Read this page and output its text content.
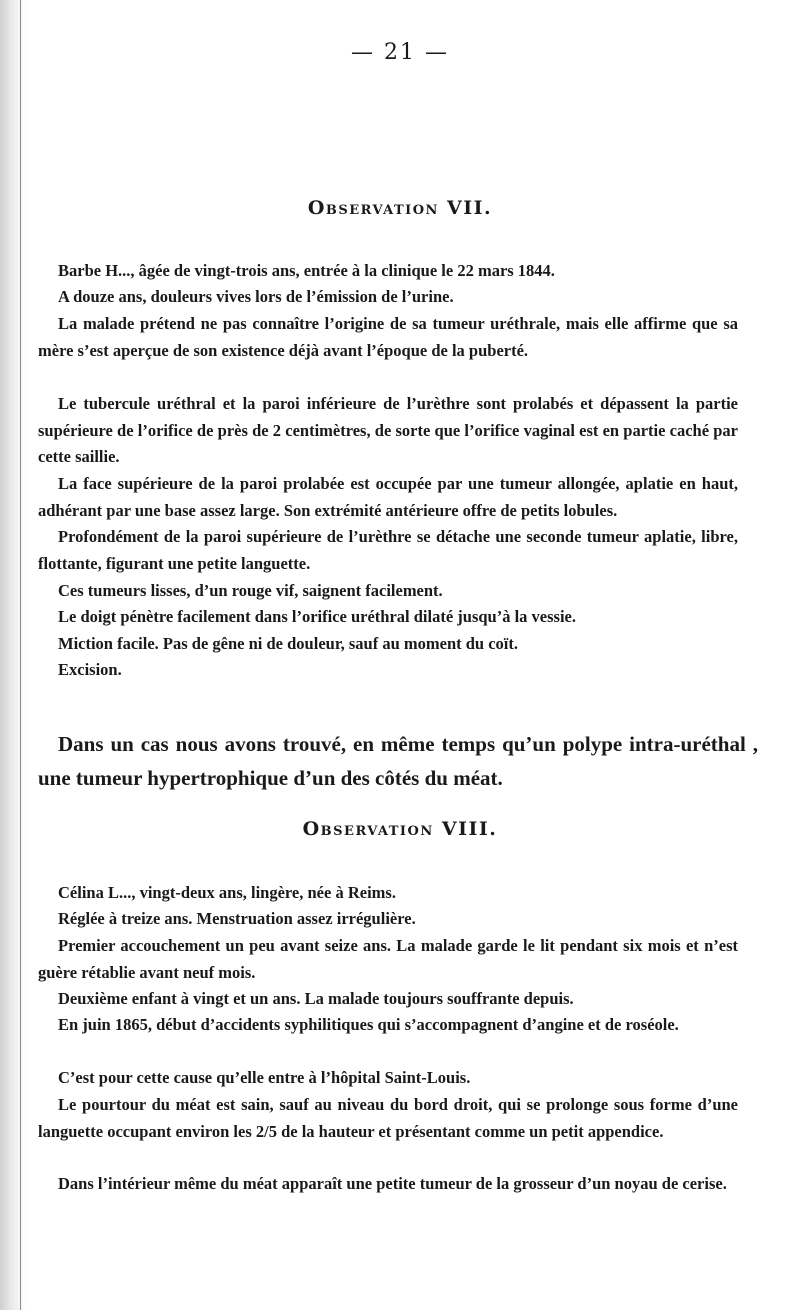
— 21 —
Observation VII.

Barbe H..., âgée de vingt-trois ans, entrée à la clinique le 22 mars 1844.

A douze ans, douleurs vives lors de l’émission de l’urine.

La malade prétend ne pas connaître l’origine de sa tumeur uréthrale, mais elle affirme que sa mère s’est aperçue de son existence déjà avant l’époque de la puberté.

Le tubercule uréthral et la paroi inférieure de l’urèthre sont prolabés et dépassent la partie supérieure de l’orifice de près de 2 centimètres, de sorte que l’orifice vaginal est en partie caché par cette saillie.

La face supérieure de la paroi prolabée est occupée par une tumeur allongée, aplatie en haut, adhérant par une base assez large. Son extrémité antérieure offre de petits lobules.

Profondément de la paroi supérieure de l’urèthre se détache une seconde tumeur aplatie, libre, flottante, figurant une petite languette.

Ces tumeurs lisses, d’un rouge vif, saignent facilement.

Le doigt pénètre facilement dans l’orifice uréthral dilaté jusqu’à la vessie.

Miction facile. Pas de gêne ni de douleur, sauf au moment du coït.

Excision.

Dans un cas nous avons trouvé, en même temps qu’un polype intra-uréthal , une tumeur hypertrophique d’un des côtés du méat.

Observation VIII.

Célina L..., vingt-deux ans, lingère, née à Reims.

Réglée à treize ans. Menstruation assez irrégulière.

Premier accouchement un peu avant seize ans. La malade garde le lit pendant six mois et n’est guère rétablie avant neuf mois.

Deuxième enfant à vingt et un ans. La malade toujours souffrante depuis.

En juin 1865, début d’accidents syphilitiques qui s’accompagnent d’angine et de roséole.

C’est pour cette cause qu’elle entre à l’hôpital Saint-Louis.

Le pourtour du méat est sain, sauf au niveau du bord droit, qui se prolonge sous forme d’une languette occupant environ les 2/5 de la hauteur et présentant comme un petit appendice.

Dans l’intérieur même du méat apparaît une petite tumeur de la grosseur d’un noyau de cerise.
